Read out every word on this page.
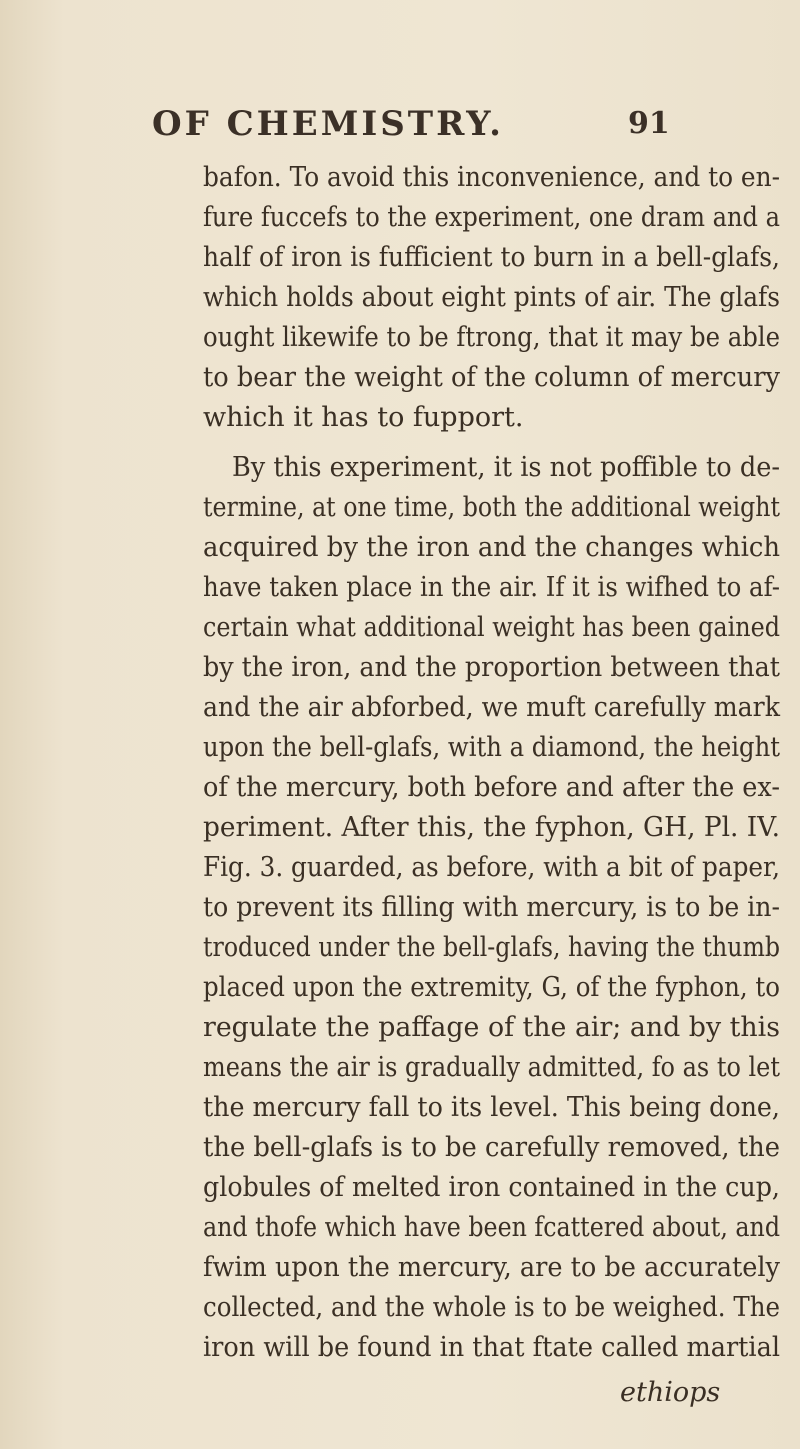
OF CHEMISTRY.	91
bafon. To avoid this inconvenience, and to en-
fure fuccefs to the experiment, one dram and a
half of iron is fufficient to burn in a bell-glafs,
which holds about eight pints of air. The glafs
ought likewife to be ftrong, that it may be able
to bear the weight of the column of mercury
which it has to fupport.
By this experiment, it is not poffible to de-
termine, at one time, both the additional weight
acquired by the iron and the changes which
have taken place in the air. If it is wifhed to af-
certain what additional weight has been gained
by the iron, and the proportion between that
and the air abforbed, we muft carefully mark
upon the bell-glafs, with a diamond, the height
of the mercury, both before and after the ex-
periment. After this, the fyphon, GH, Pl. IV.
Fig. 3. guarded, as before, with a bit of paper,
to prevent its filling with mercury, is to be in-
troduced under the bell-glafs, having the thumb
placed upon the extremity, G, of the fyphon, to
regulate the paffage of the air; and by this
means the air is gradually admitted, fo as to let
the mercury fall to its level. This being done,
the bell-glafs is to be carefully removed, the
globules of melted iron contained in the cup,
and thofe which have been fcattered about, and
fwim upon the mercury, are to be accurately
collected, and the whole is to be weighed. The
iron will be found in that ftate called martial
ethiops
